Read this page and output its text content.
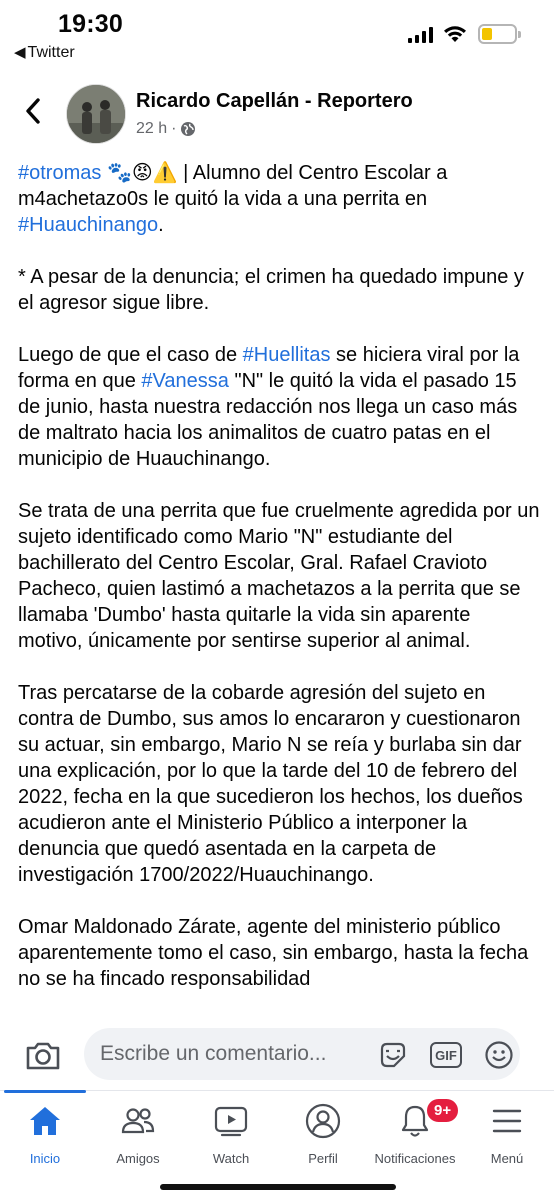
19:30
◀ Twitter
Ricardo Capellán - Reportero
22 h ·

#otromas 🐾😡⚠️ | Alumno del Centro Escolar a m4achetazo0s le quitó la vida a una perrita en #Huauchinango.

* A pesar de la denuncia; el crimen ha quedado impune y el agresor sigue libre.

Luego de que el caso de #Huellitas se hiciera viral por la forma en que #Vanessa "N" le quitó la vida el pasado 15 de junio, hasta nuestra redacción nos llega un caso más de maltrato hacia los animalitos de cuatro patas en el municipio de Huauchinango.

Se trata de una perrita que fue cruelmente agredida por un sujeto identificado como Mario "N" estudiante del bachillerato del Centro Escolar, Gral. Rafael Cravioto Pacheco, quien lastimó a machetazos a la perrita que se llamaba 'Dumbo' hasta quitarle la vida sin aparente motivo, únicamente por sentirse superior al animal.

Tras percatarse de la cobarde agresión del sujeto en contra de Dumbo, sus amos lo encararon y cuestionaron su actuar, sin embargo, Mario N se reía y burlaba sin dar una explicación, por lo que la tarde del 10 de febrero del 2022, fecha en la que sucedieron los hechos, los dueños acudieron ante el Ministerio Público a interponer la denuncia que quedó asentada en la carpeta de investigación 1700/2022/Huauchinango.

Omar Maldonado Zárate, agente del ministerio público aparentemente tomo el caso, sin embargo, hasta la fecha no se ha fincado responsabilidad

Escribe un comentario...
GIF
Inicio	Amigos	Watch	Perfil
9+
Notificaciones	Menú
